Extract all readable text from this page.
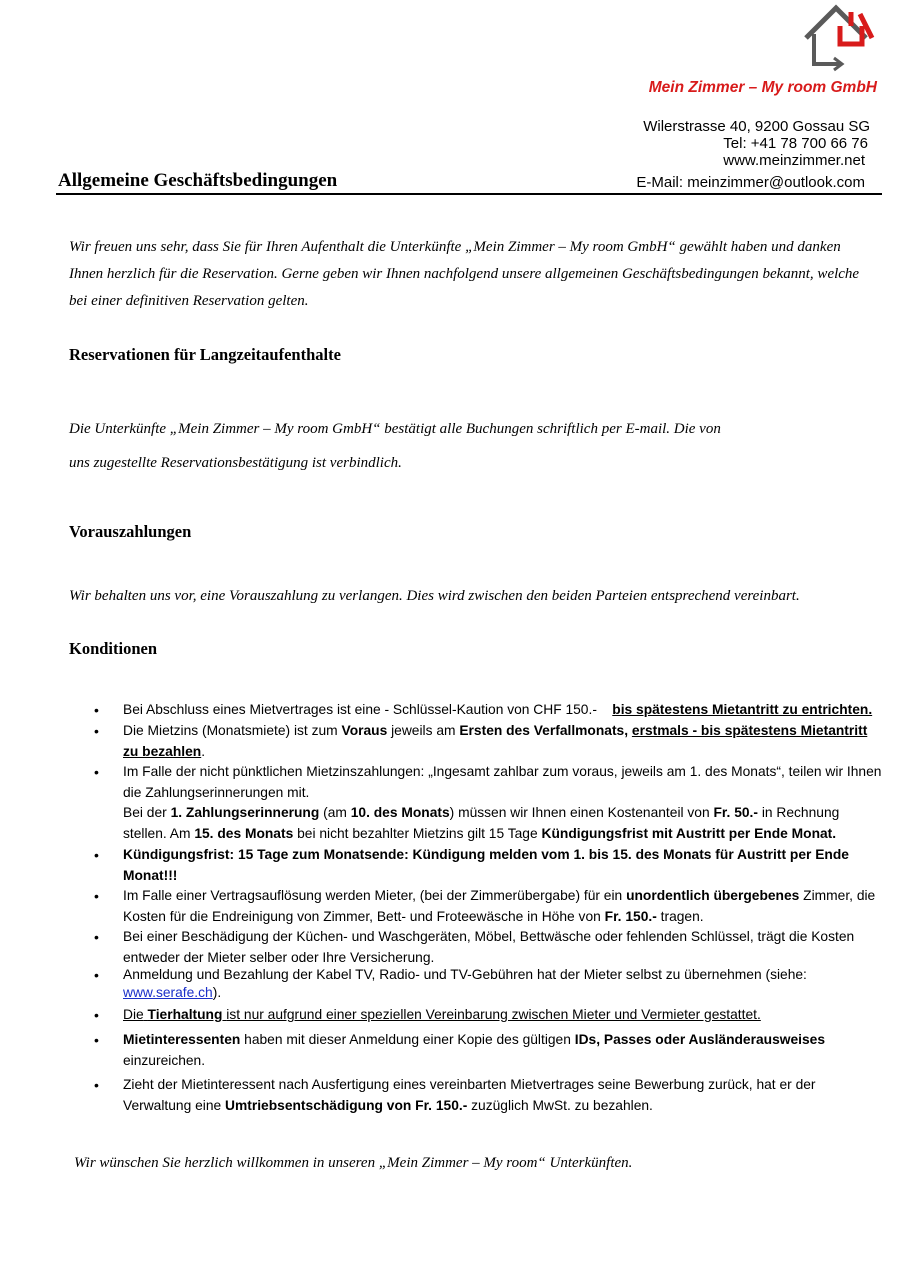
Mein Zimmer – My room GmbH
Wilerstrasse 40, 9200 Gossau SG
Tel: +41 78 700 66 76
www.meinzimmer.net
E-Mail: meinzimmer@outlook.com
Allgemeine Geschäftsbedingungen
Wir freuen uns sehr, dass Sie für Ihren Aufenthalt die Unterkünfte „Mein Zimmer – My room GmbH“ gewählt haben und danken Ihnen herzlich für die Reservation. Gerne geben wir Ihnen nachfolgend unsere allgemeinen Geschäftsbedingungen bekannt, welche bei einer definitiven Reservation gelten.
Reservationen für Langzeitaufenthalte
Die Unterkünfte „Mein Zimmer – My room GmbH“ bestätigt alle Buchungen schriftlich per E-mail. Die von
uns zugestellte Reservationsbestätigung ist verbindlich.
Vorauszahlungen
Wir behalten uns vor, eine Vorauszahlung zu verlangen. Dies wird zwischen den beiden Parteien entsprechend vereinbart.
Konditionen
• Bei Abschluss eines Mietvertrages ist eine - Schlüssel-Kaution von CHF 150.- bis spätestens Mietantritt zu entrichten.
• Die Mietzins (Monatsmiete) ist zum Voraus jeweils am Ersten des Verfallmonats, erstmals - bis spätestens Mietantritt zu bezahlen.
• Im Falle der nicht pünktlichen Mietzinszahlungen: „Ingesamt zahlbar zum voraus, jeweils am 1. des Monats“, teilen wir Ihnen die Zahlungserinnerungen mit.
Bei der 1. Zahlungserinnerung (am 10. des Monats) müssen wir Ihnen einen Kostenanteil von Fr. 50.- in Rechnung stellen. Am 15. des Monats bei nicht bezahlter Mietzins gilt 15 Tage Kündigungsfrist mit Austritt per Ende Monat.
• Kündigungsfrist: 15 Tage zum Monatsende: Kündigung melden vom 1. bis 15. des Monats für Austritt per Ende Monat!!!
• Im Falle einer Vertragsauflösung werden Mieter, (bei der Zimmerübergabe) für ein unordentlich übergebenes Zimmer, die Kosten für die Endreinigung von Zimmer, Bett- und Froteewäsche in Höhe von Fr. 150.- tragen.
• Bei einer Beschädigung der Küchen- und Waschgeräten, Möbel, Bettwäsche oder fehlenden Schlüssel, trägt die Kosten entweder der Mieter selber oder Ihre Versicherung.
• Anmeldung und Bezahlung der Kabel TV, Radio- und TV-Gebühren hat der Mieter selbst zu übernehmen (siehe:
www.serafe.ch).
• Die Tierhaltung ist nur aufgrund einer speziellen Vereinbarung zwischen Mieter und Vermieter gestattet.
• Mietinteressenten haben mit dieser Anmeldung einer Kopie des gültigen IDs, Passes oder Ausländerausweises
einzureichen.
• Zieht der Mietinteressent nach Ausfertigung eines vereinbarten Mietvertrages seine Bewerbung zurück, hat er der Verwaltung eine Umtriebsentschädigung von Fr. 150.- zuzüglich MwSt. zu bezahlen.
Wir wünschen Sie herzlich willkommen in unseren „Mein Zimmer – My room“ Unterkünften.
